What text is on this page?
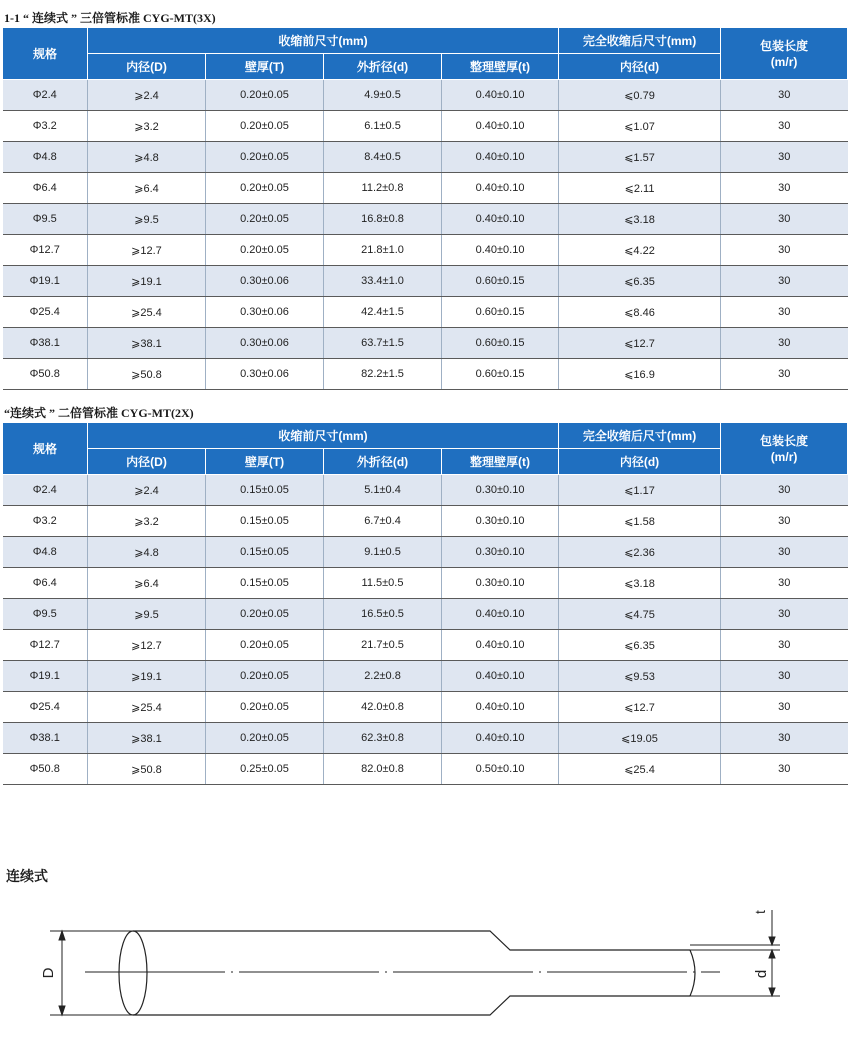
1-1 “ 连续式 ” 三倍管标准 CYG-MT(3X)
规格	收缩前尺寸(mm)				完全收缩后尺寸(mm)	包装长度
(m/r)
	内径(D)	壁厚(T)	外折径(d)	整理壁厚(t)	内径(d)	
Φ2.4	⩾2.4	0.20±0.05	4.9±0.5	0.40±0.10	⩽0.79	30
Φ3.2	⩾3.2	0.20±0.05	6.1±0.5	0.40±0.10	⩽1.07	30
Φ4.8	⩾4.8	0.20±0.05	8.4±0.5	0.40±0.10	⩽1.57	30
Φ6.4	⩾6.4	0.20±0.05	11.2±0.8	0.40±0.10	⩽2.11	30
Φ9.5	⩾9.5	0.20±0.05	16.8±0.8	0.40±0.10	⩽3.18	30
Φ12.7	⩾12.7	0.20±0.05	21.8±1.0	0.40±0.10	⩽4.22	30
Φ19.1	⩾19.1	0.30±0.06	33.4±1.0	0.60±0.15	⩽6.35	30
Φ25.4	⩾25.4	0.30±0.06	42.4±1.5	0.60±0.15	⩽8.46	30
Φ38.1	⩾38.1	0.30±0.06	63.7±1.5	0.60±0.15	⩽12.7	30
Φ50.8	⩾50.8	0.30±0.06	82.2±1.5	0.60±0.15	⩽16.9	30
“连续式 ” 二倍管标准 CYG-MT(2X)
规格	收缩前尺寸(mm)				完全收缩后尺寸(mm)	包装长度
(m/r)
	内径(D)	壁厚(T)	外折径(d)	整理壁厚(t)	内径(d)	
Φ2.4	⩾2.4	0.15±0.05	5.1±0.4	0.30±0.10	⩽1.17	30
Φ3.2	⩾3.2	0.15±0.05	6.7±0.4	0.30±0.10	⩽1.58	30
Φ4.8	⩾4.8	0.15±0.05	9.1±0.5	0.30±0.10	⩽2.36	30
Φ6.4	⩾6.4	0.15±0.05	11.5±0.5	0.30±0.10	⩽3.18	30
Φ9.5	⩾9.5	0.20±0.05	16.5±0.5	0.40±0.10	⩽4.75	30
Φ12.7	⩾12.7	0.20±0.05	21.7±0.5	0.40±0.10	⩽6.35	30
Φ19.1	⩾19.1	0.20±0.05	2.2±0.8	0.40±0.10	⩽9.53	30
Φ25.4	⩾25.4	0.20±0.05	42.0±0.8	0.40±0.10	⩽12.7	30
Φ38.1	⩾38.1	0.20±0.05	62.3±0.8	0.40±0.10	⩽19.05	30
Φ50.8	⩾50.8	0.25±0.05	82.0±0.8	0.50±0.10	⩽25.4	30
连续式
D
t
d
